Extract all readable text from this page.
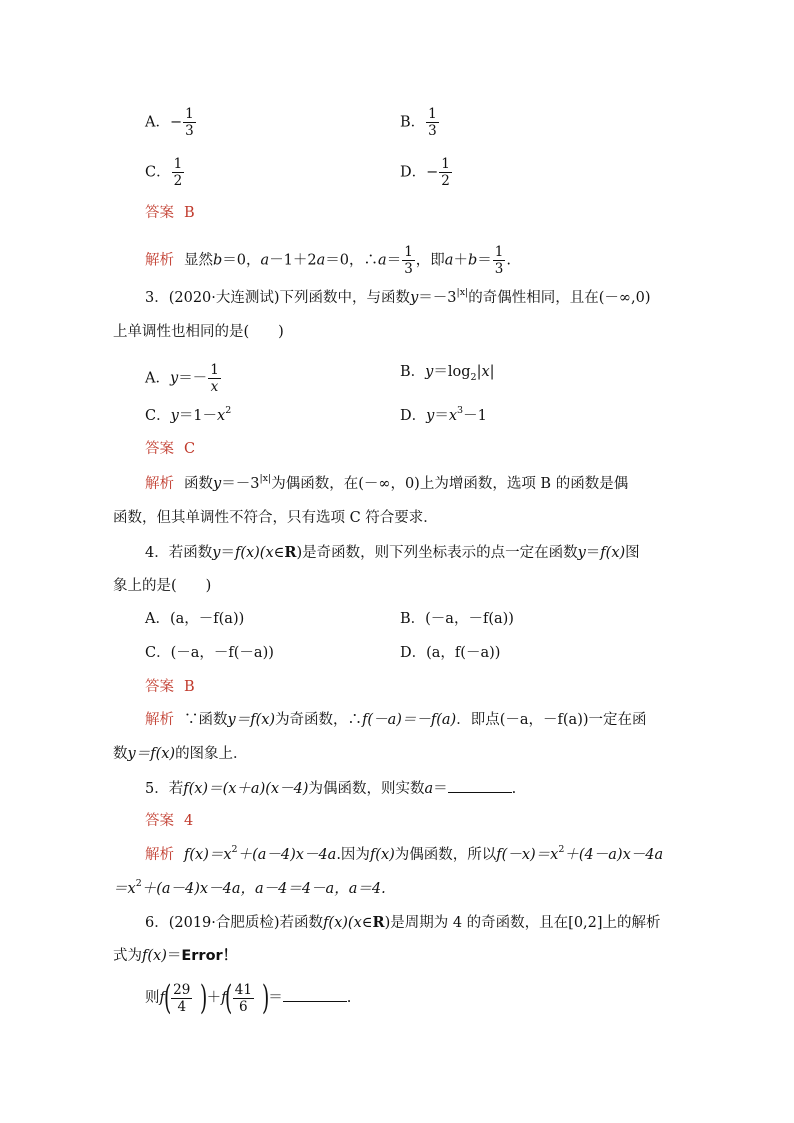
A．− $\frac{1}{3}$	B． $\frac{1}{3}$
C． $\frac{1}{2}$	D．− $\frac{1}{2}$
答案 B
解析 显然b＝0，a－1＋2a＝0，∴a＝ $\frac{1}{3}$ ，即$a+b= \frac{1}{3}$ .
3．(2020·大连测试)下列函数中，与函数$y=-3^{|x|}$的奇偶性相同，且在(－∞,0)
上单调性也相同的是(　　)
A．$y=- \frac{1}{x}$	B．$y=\log_2|x|$
C．$y=1-x^2$	D．$y=x^3-1$
答案 C
解析 函数$y=-3^{|x|}$为偶函数，在(－∞，0)上为增函数，选项 B 的函数是偶
函数，但其单调性不符合，只有选项 C 符合要求．
4．若函数y＝f(x)(x∈R)是奇函数，则下列坐标表示的点一定在函数y＝f(x)图
象上的是(　　)
A．(a，－f(a))	B．(－a，－f(a))
C．(－a，－f(－a))	D．(a，f(－a))
答案 B
解析 ∵函数y＝f(x)为奇函数，∴f(－a)＝－f(a)．即点(－a，－f(a))一定在函
数y＝f(x)的图象上．
5．若f(x)＝(x＋a)(x－4)为偶函数，则实数a＝	.
答案 4
解析 $f(x)=x^2+(a-4)x-4a$.因为f(x)为偶函数，所以$f(-x)=x^2+(4-a)x-4a$
$=x^2+(a-4)x-4a$，a－4＝4－a，a＝4.
6．(2019·合肥质检)若函数f(x)(x∈R)是周期为 4 的奇函数，且在[0,2]上的解析
式为f(x)＝Error！
则$f( \frac{29}{4} )+f( \frac{41}{6}$ )＝	.
